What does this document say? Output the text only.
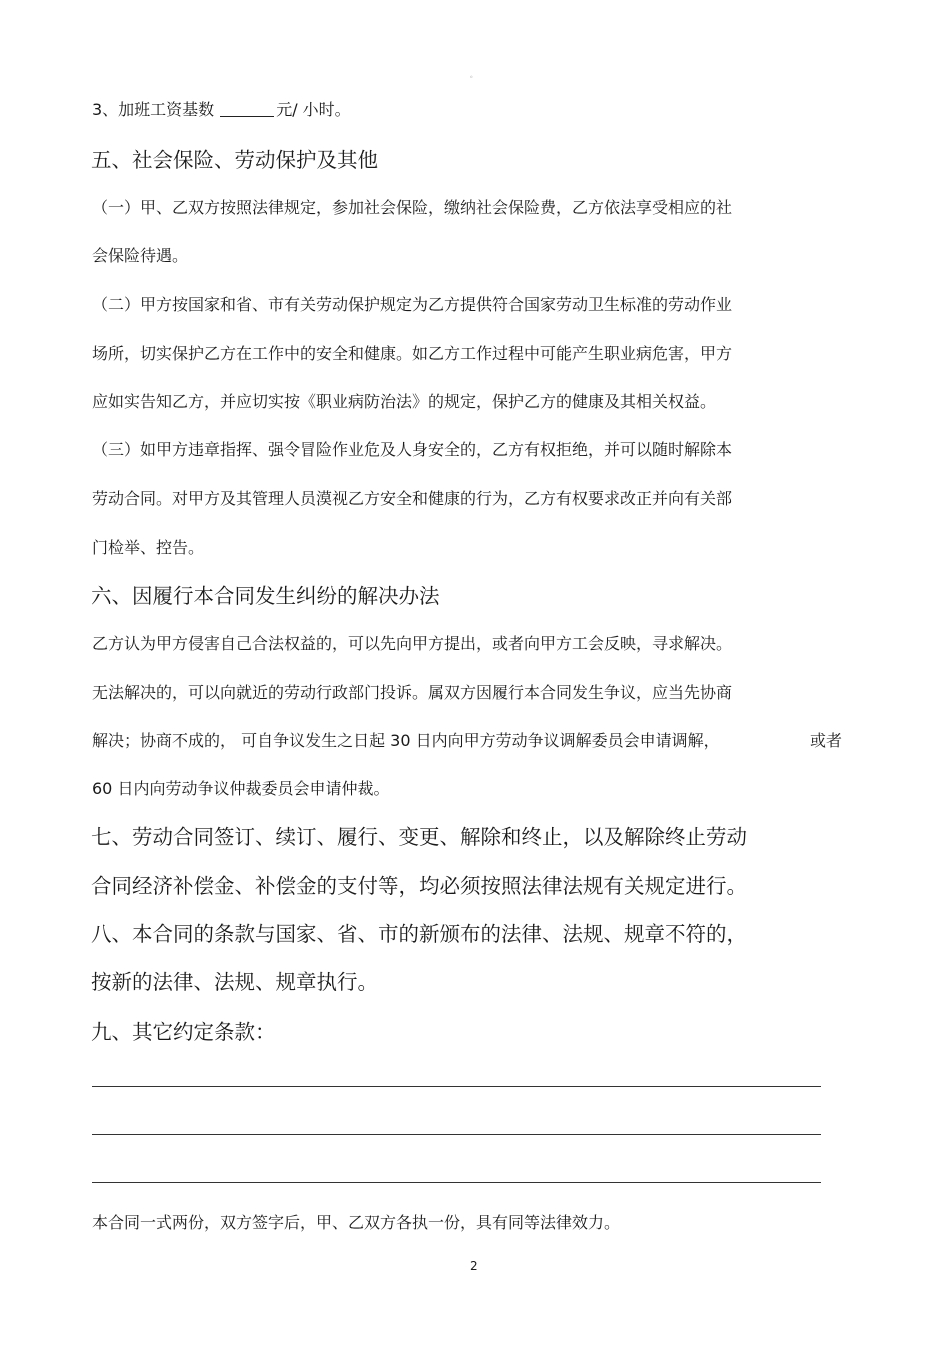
。
3、加班工资基数	元/ 小时。
五、社会保险、劳动保护及其他
（一）甲、乙双方按照法律规定，参加社会保险，缴纳社会保险费，乙方依法享受相应的社
会保险待遇。
（二）甲方按国家和省、市有关劳动保护规定为乙方提供符合国家劳动卫生标准的劳动作业
场所，切实保护乙方在工作中的安全和健康。如乙方工作过程中可能产生职业病危害，甲方
应如实告知乙方，并应切实按《职业病防治法》的规定，保护乙方的健康及其相关权益。
（三）如甲方违章指挥、强令冒险作业危及人身安全的，乙方有权拒绝，并可以随时解除本
劳动合同。对甲方及其管理人员漠视乙方安全和健康的行为，乙方有权要求改正并向有关部
门检举、控告。
六、因履行本合同发生纠纷的解决办法
乙方认为甲方侵害自己合法权益的，可以先向甲方提出，或者向甲方工会反映，寻求解决。
无法解决的，可以向就近的劳动行政部门投诉。属双方因履行本合同发生争议，应当先协商
解决；协商不成的， 可自争议发生之日起 30 日内向甲方劳动争议调解委员会申请调解，	或者
60 日内向劳动争议仲裁委员会申请仲裁。
七、劳动合同签订、续订、履行、变更、解除和终止，以及解除终止劳动
合同经济补偿金、补偿金的支付等，均必须按照法律法规有关规定进行。
八、本合同的条款与国家、省、市的新颁布的法律、法规、规章不符的，
按新的法律、法规、规章执行。
九、其它约定条款：
本合同一式两份，双方签字后，甲、乙双方各执一份，具有同等法律效力。
2
